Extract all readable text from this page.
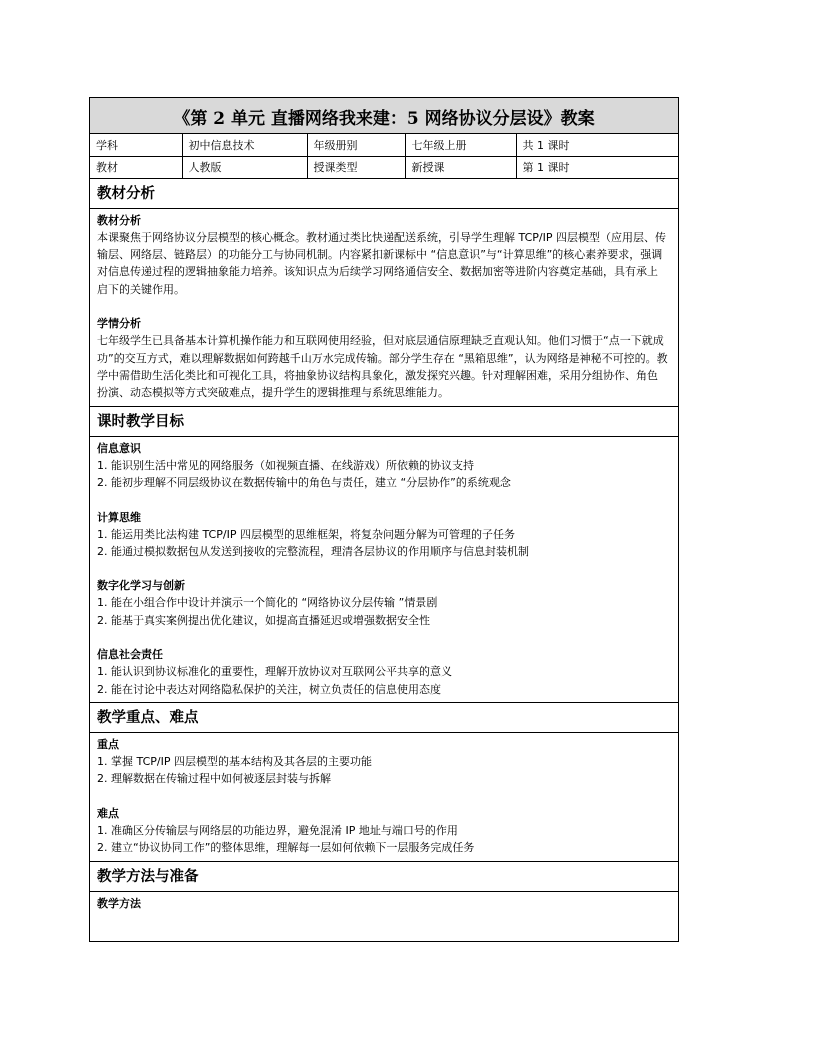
《第 2 单元 直播网络我来建：5 网络协议分层设》教案
学科	初中信息技术	年级册别	七年级上册	共 1 课时
教材	人教版	授课类型	新授课	第 1 课时
教材分析
教材分析
本课聚焦于网络协议分层模型的核心概念。教材通过类比快递配送系统，引导学生理解 TCP/IP 四层模型（应用层、传输层、网络层、链路层）的功能分工与协同机制。内容紧扣新课标中 “信息意识”与“计算思维”的核心素养要求，强调对信息传递过程的逻辑抽象能力培养。该知识点为后续学习网络通信安全、数据加密等进阶内容奠定基础，具有承上启下的关键作用。
学情分析
七年级学生已具备基本计算机操作能力和互联网使用经验，但对底层通信原理缺乏直观认知。他们习惯于“点一下就成功”的交互方式，难以理解数据如何跨越千山万水完成传输。部分学生存在 “黑箱思维”，认为网络是神秘不可控的。教学中需借助生活化类比和可视化工具，将抽象协议结构具象化，激发探究兴趣。针对理解困难，采用分组协作、角色扮演、动态模拟等方式突破难点，提升学生的逻辑推理与系统思维能力。
课时教学目标
信息意识
1. 能识别生活中常见的网络服务（如视频直播、在线游戏）所依赖的协议支持
2. 能初步理解不同层级协议在数据传输中的角色与责任，建立 “分层协作”的系统观念
计算思维
1. 能运用类比法构建 TCP/IP 四层模型的思维框架，将复杂问题分解为可管理的子任务
2. 能通过模拟数据包从发送到接收的完整流程，理清各层协议的作用顺序与信息封装机制
数字化学习与创新
1. 能在小组合作中设计并演示一个简化的 “网络协议分层传输 ”情景剧
2. 能基于真实案例提出优化建议，如提高直播延迟或增强数据安全性
信息社会责任
1. 能认识到协议标准化的重要性，理解开放协议对互联网公平共享的意义
2. 能在讨论中表达对网络隐私保护的关注，树立负责任的信息使用态度
教学重点、难点
重点
1. 掌握 TCP/IP 四层模型的基本结构及其各层的主要功能
2. 理解数据在传输过程中如何被逐层封装与拆解
难点
1. 准确区分传输层与网络层的功能边界，避免混淆 IP 地址与端口号的作用
2. 建立“协议协同工作”的整体思维，理解每一层如何依赖下一层服务完成任务
教学方法与准备
教学方法
